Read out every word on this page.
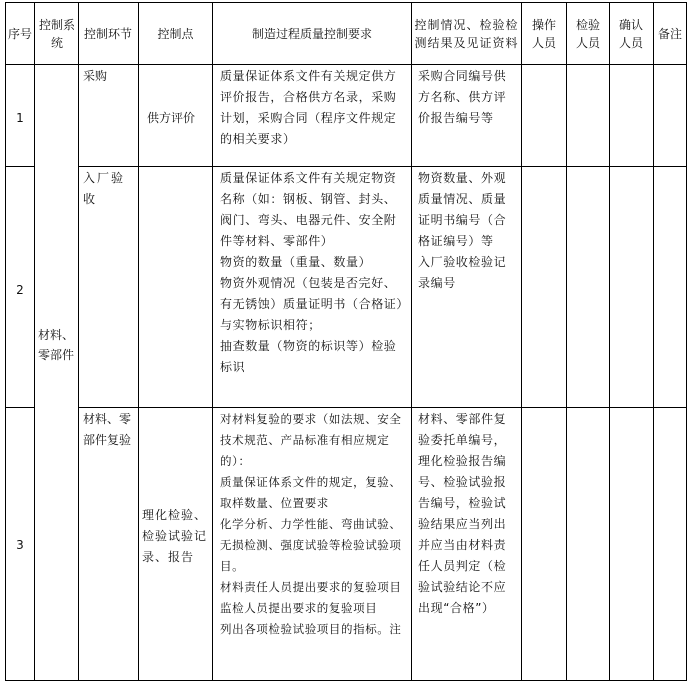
序号
控制系统
控制环节	控制点	制造过程质量控制要求
控制情况、检验检测结果及见证资料
操作人员
检验人员
确认人员
备注
材料、零部件
1
采购
供方评价
质量保证体系文件有关规定供方评价报告，合格供方名录，采购计划，采购合同（程序文件规定的相关要求）
采购合同编号供方名称、供方评价报告编号等
2
入厂验收
质量保证体系文件有关规定物资名称（如：钢板、钢管、封头、阀门、弯头、电器元件、安全附件等材料、零部件）
物资的数量（重量、数量）
物资外观情况（包装是否完好、有无锈蚀）质量证明书（合格证）与实物标识相符；
抽查数量（物资的标识等）检验标识
物资数量、外观质量情况、质量证明书编号（合格证编号）等
入厂验收检验记录编号
3
材料、零部件复验
理化检验、检验试验记录、报告
对材料复验的要求（如法规、安全技术规范、产品标准有相应规定的）：
质量保证体系文件的规定，复验、取样数量、位置要求
化学分析、力学性能、弯曲试验、无损检测、强度试验等检验试验项目。
材料责任人员提出要求的复验项目
监检人员提出要求的复验项目
列出各项检验试验项目的指标。注
材料、零部件复验委托单编号，理化检验报告编号、检验试验报告编号，检验试验结果应当列出并应当由材料责任人员判定（检验试验结论不应出现“合格”）
